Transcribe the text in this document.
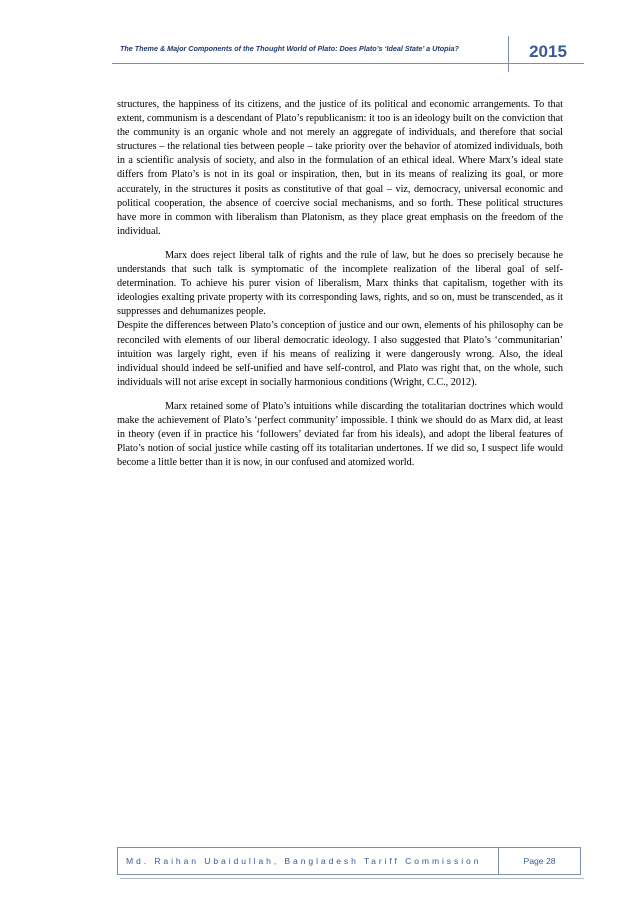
The Theme & Major Components of the Thought World of Plato: Does Plato’s ‘Ideal State’ a Utopia?	2015

structures, the happiness of its citizens, and the justice of its political and economic arrangements. To that extent, communism is a descendant of Plato’s republicanism: it too is an ideology built on the conviction that the community is an organic whole and not merely an aggregate of individuals, and therefore that social structures – the relational ties between people – take priority over the behavior of atomized individuals, both in a scientific analysis of society, and also in the formulation of an ethical ideal. Where Marx’s ideal state differs from Plato’s is not in its goal or inspiration, then, but in its means of realizing its goal, or more accurately, in the structures it posits as constitutive of that goal – viz, democracy, universal economic and political cooperation, the absence of coercive social mechanisms, and so forth. These political structures have more in common with liberalism than Platonism, as they place great emphasis on the freedom of the individual.

Marx does reject liberal talk of rights and the rule of law, but he does so precisely because he understands that such talk is symptomatic of the incomplete realization of the liberal goal of self-determination. To achieve his purer vision of liberalism, Marx thinks that capitalism, together with its ideologies exalting private property with its corresponding laws, rights, and so on, must be transcended, as it suppresses and dehumanizes people.

Despite the differences between Plato’s conception of justice and our own, elements of his philosophy can be reconciled with elements of our liberal democratic ideology. I also suggested that Plato’s ‘communitarian’ intuition was largely right, even if his means of realizing it were dangerously wrong. Also, the ideal individual should indeed be self-unified and have self-control, and Plato was right that, on the whole, such individuals will not arise except in socially harmonious conditions (Wright, C.C., 2012).

Marx retained some of Plato’s intuitions while discarding the totalitarian doctrines which would make the achievement of Plato’s ‘perfect community’ impossible. I think we should do as Marx did, at least in theory (even if in practice his ‘followers’ deviated far from his ideals), and adopt the liberal features of Plato’s notion of social justice while casting off its totalitarian undertones. If we did so, I suspect life would become a little better than it is now, in our confused and atomized world.

Md. Raihan Ubaidullah, Bangladesh Tariff Commission	Page 28
